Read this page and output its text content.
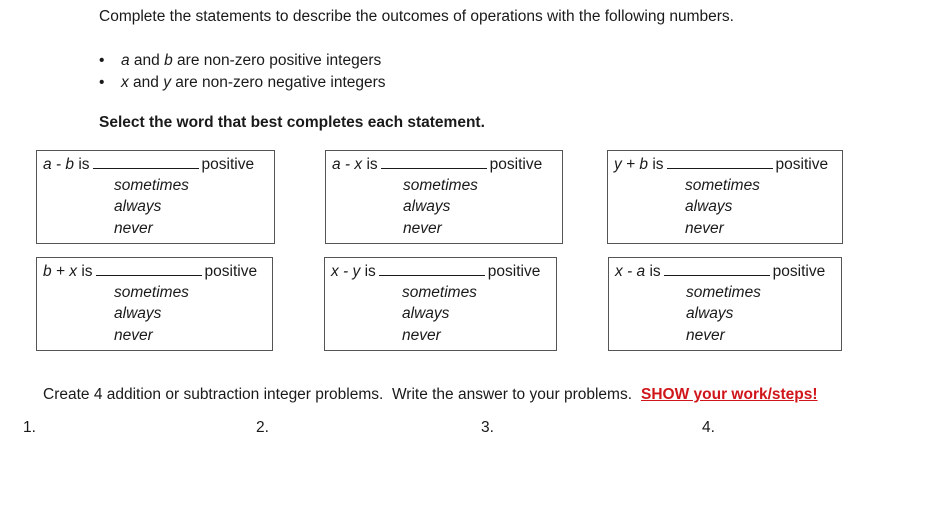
Complete the statements to describe the outcomes of operations with the following numbers.
• a and b are non-zero positive integers
• x and y are non-zero negative integers
Select the word that best completes each statement.
a - b is	positive
sometimes
always
never
a - x is	positive
sometimes
always
never
y + b is	positive
sometimes
always
never
b + x is	positive
sometimes
always
never
x - y is	positive
sometimes
always
never
x - a is	positive
sometimes
always
never
Create 4 addition or subtraction integer problems.  Write the answer to your problems. SHOW your work/steps!
1.	2.	3.	4.
